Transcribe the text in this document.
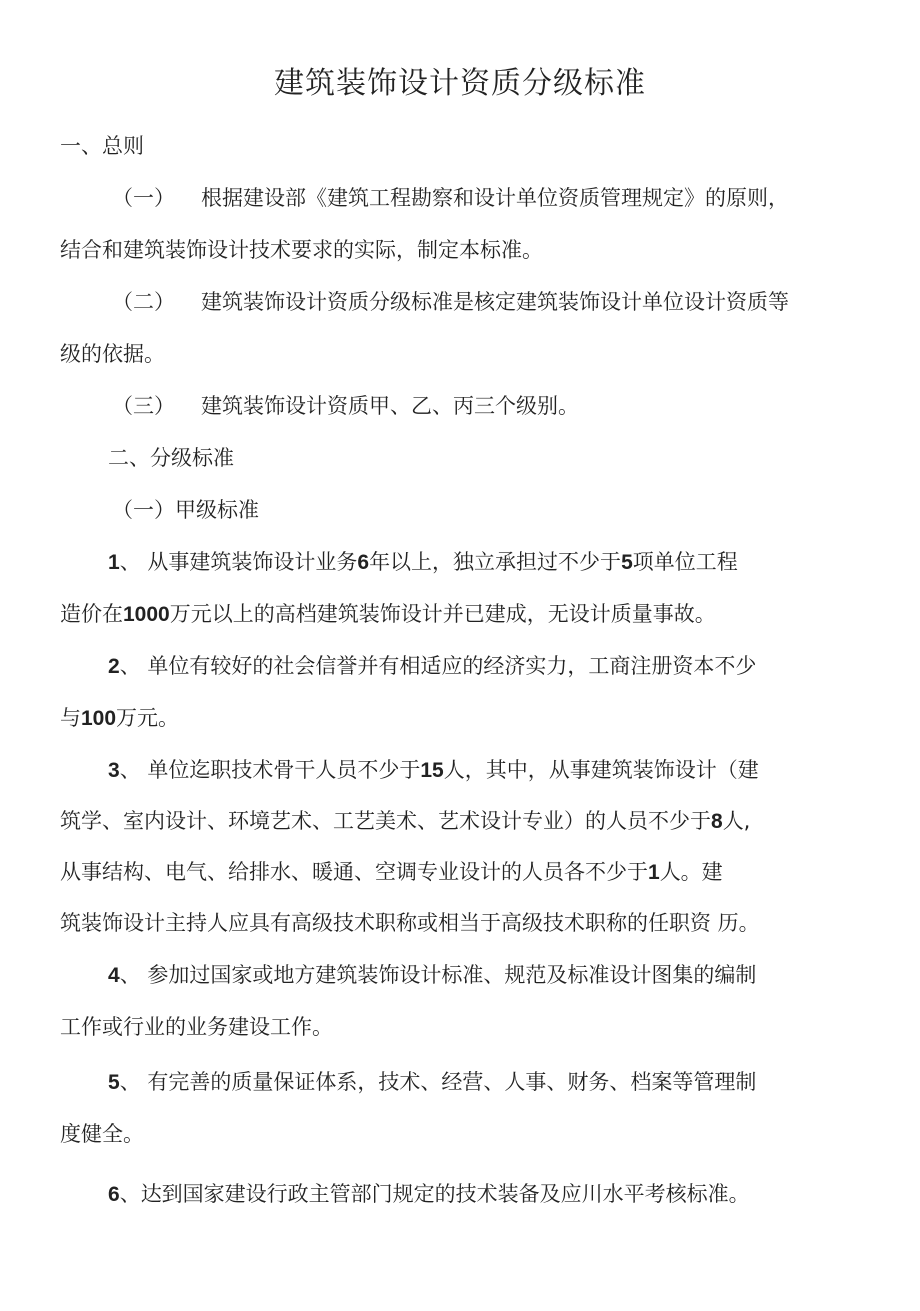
建筑装饰设计资质分级标准
一、总则
（一） 根据建设部《建筑工程勘察和设计单位资质管理规定》的原则，
结合和建筑装饰设计技术要求的实际，制定本标准。
（二） 建筑装饰设计资质分级标准是核定建筑装饰设计单位设计资质等
级的依据。
（三） 建筑装饰设计资质甲、乙、丙三个级别。
二、分级标准
（一）甲级标准
1、 从事建筑装饰设计业务6年以上，独立承担过不少于5项单位工程
造价在1000万元以上的高档建筑装饰设计并已建成，无设计质量事故。
2、 单位有较好的社会信誉并有相适应的经济实力，工商注册资本不少
与100万元。
3、 单位迄职技术骨干人员不少于15人，其中，从事建筑装饰设计（建
筑学、室内设计、环境艺术、工艺美术、艺术设计专业）的人员不少于8人,
从事结构、电气、给排水、暖通、空调专业设计的人员各不少于1人。建
筑装饰设计主持人应具有高级技术职称或相当于高级技术职称的任职资 历。
4、 参加过国家或地方建筑装饰设计标准、规范及标准设计图集的编制
工作或行业的业务建设工作。
5、 有完善的质量保证体系，技术、经营、人事、财务、档案等管理制
度健全。
6、达到国家建设行政主管部门规定的技术装备及应川水平考核标准。
